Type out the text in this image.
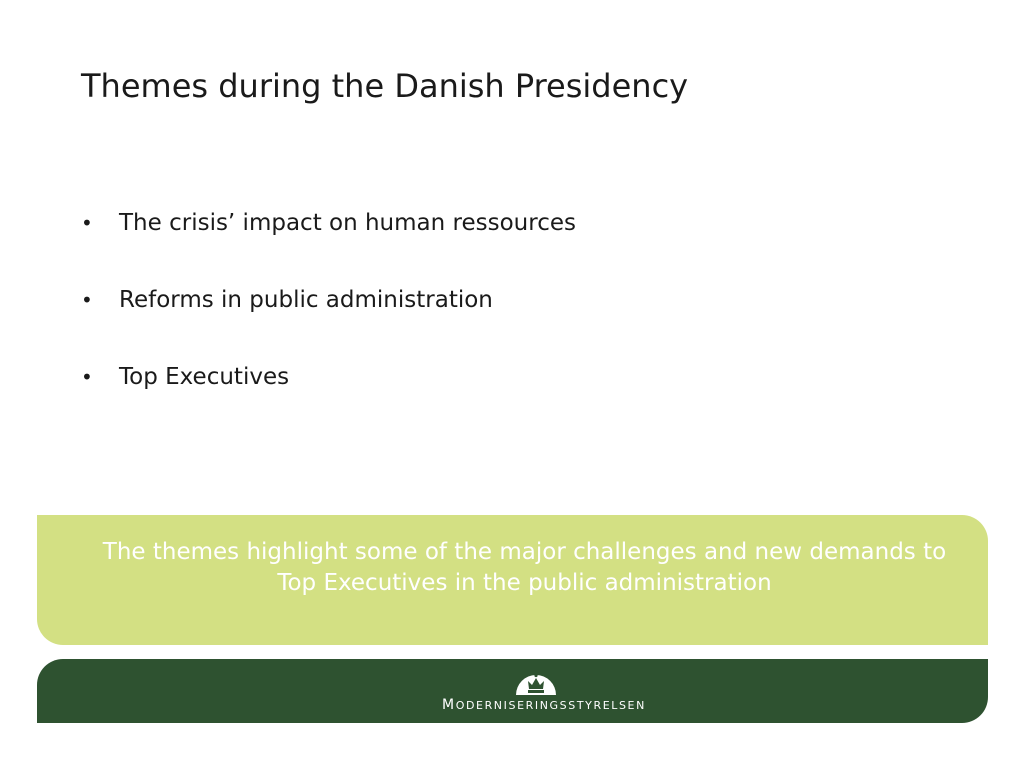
Themes during the Danish Presidency
•	The crisis’ impact on human ressources
•	Reforms in public administration
•	Top Executives
The themes highlight some of the major challenges and new demands to Top Executives in the public administration
MODERNISERINGSSTYRELSEN
